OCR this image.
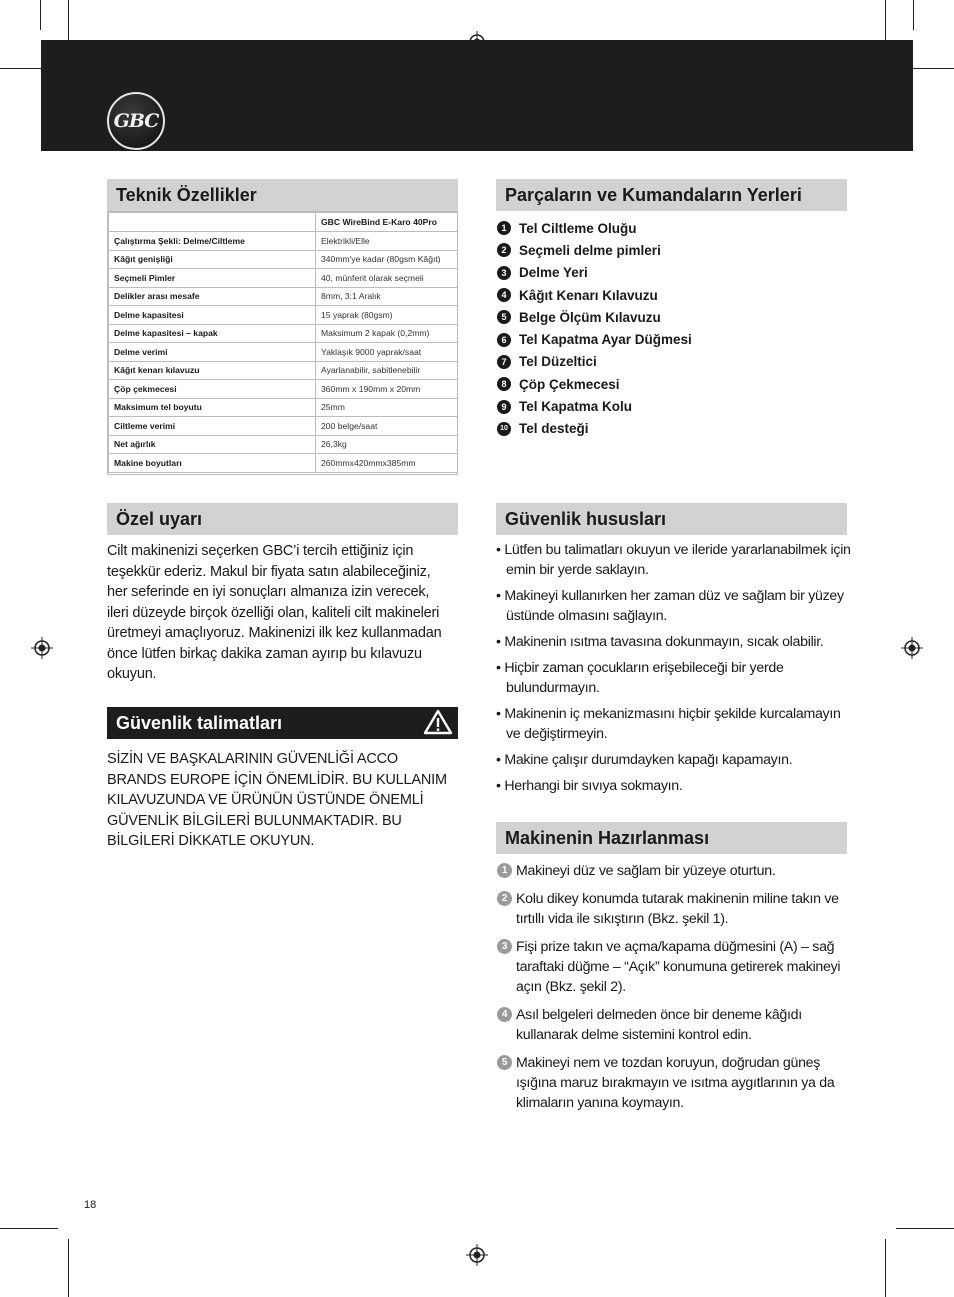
GBC
Teknik Özellikler
	GBC WireBind E-Karo 40Pro
Çalıştırma Şekli: Delme/Ciltleme	Elektrikli/Elle
Kâğıt genişliği	340mm'ye kadar (80gsm Kâğıt)
Seçmeli Pimler	40, münferit olarak seçmeli
Delikler arası mesafe	8mm, 3:1 Aralık
Delme kapasitesi	15 yaprak (80gsm)
Delme kapasitesi – kapak	Maksimum 2 kapak (0,2mm)
Delme verimi	Yaklaşık 9000 yaprak/saat
Kâğıt kenarı kılavuzu	Ayarlanabilir, sabitlenebilir
Çöp çekmecesi	360mm x 190mm x 20mm
Maksimum tel boyutu	25mm
Ciltleme verimi	200 belge/saat
Net ağırlık	26,3kg
Makine boyutları	260mmx420mmx385mm
Parçaların ve Kumandaların Yerleri
1 Tel Ciltleme Oluğu
2 Seçmeli delme pimleri
3 Delme Yeri
4 Kâğıt Kenarı Kılavuzu
5 Belge Ölçüm Kılavuzu
6 Tel Kapatma Ayar Düğmesi
7 Tel Düzeltici
8 Çöp Çekmecesi
9 Tel Kapatma Kolu
10 Tel desteği
Özel uyarı

Cilt makinenizi seçerken GBC’i tercih ettiğiniz için teşekkür ederiz. Makul bir fiyata satın alabileceğiniz, her seferinde en iyi sonuçları almanıza izin verecek, ileri düzeyde birçok özelliği olan, kaliteli cilt makineleri üretmeyi amaçlıyoruz. Makinenizi ilk kez kullanmadan önce lütfen birkaç dakika zaman ayırıp bu kılavuzu okuyun.

Güvenlik talimatları

SİZİN VE BAŞKALARININ GÜVENLİĞİ ACCO BRANDS EUROPE İÇİN ÖNEMLİDİR. BU KULLANIM KILAVUZUNDA VE ÜRÜNÜN ÜSTÜNDE ÖNEMLİ GÜVENLİK BİLGİLERİ BULUNMAKTADIR. BU BİLGİLERİ DİKKATLE OKUYUN.

Güvenlik hususları
• Lütfen bu talimatları okuyun ve ileride yararlanabilmek için emin bir yerde saklayın.
• Makineyi kullanırken her zaman düz ve sağlam bir yüzey üstünde olmasını sağlayın.
• Makinenin ısıtma tavasına dokunmayın, sıcak olabilir.
• Hiçbir zaman çocukların erişebileceği bir yerde bulundurmayın.
• Makinenin iç mekanizmasını hiçbir şekilde kurcalamayın ve değiştirmeyin.
• Makine çalışır durumdayken kapağı kapamayın.
• Herhangi bir sıvıya sokmayın.
Makinenin Hazırlanması
1 Makineyi düz ve sağlam bir yüzeye oturtun.
2 Kolu dikey konumda tutarak makinenin miline takın ve tırtıllı vida ile sıkıştırın (Bkz. şekil 1).
3 Fişi prize takın ve açma/kapama düğmesini (A) – sağ taraftaki düğme – “Açık” konumuna getirerek makineyi açın (Bkz. şekil 2).
4 Asıl belgeleri delmeden önce bir deneme kâğıdı kullanarak delme sistemini kontrol edin.
5 Makineyi nem ve tozdan koruyun, doğrudan güneş ışığına maruz bırakmayın ve ısıtma aygıtlarının ya da klimaların yanına koymayın.
18
